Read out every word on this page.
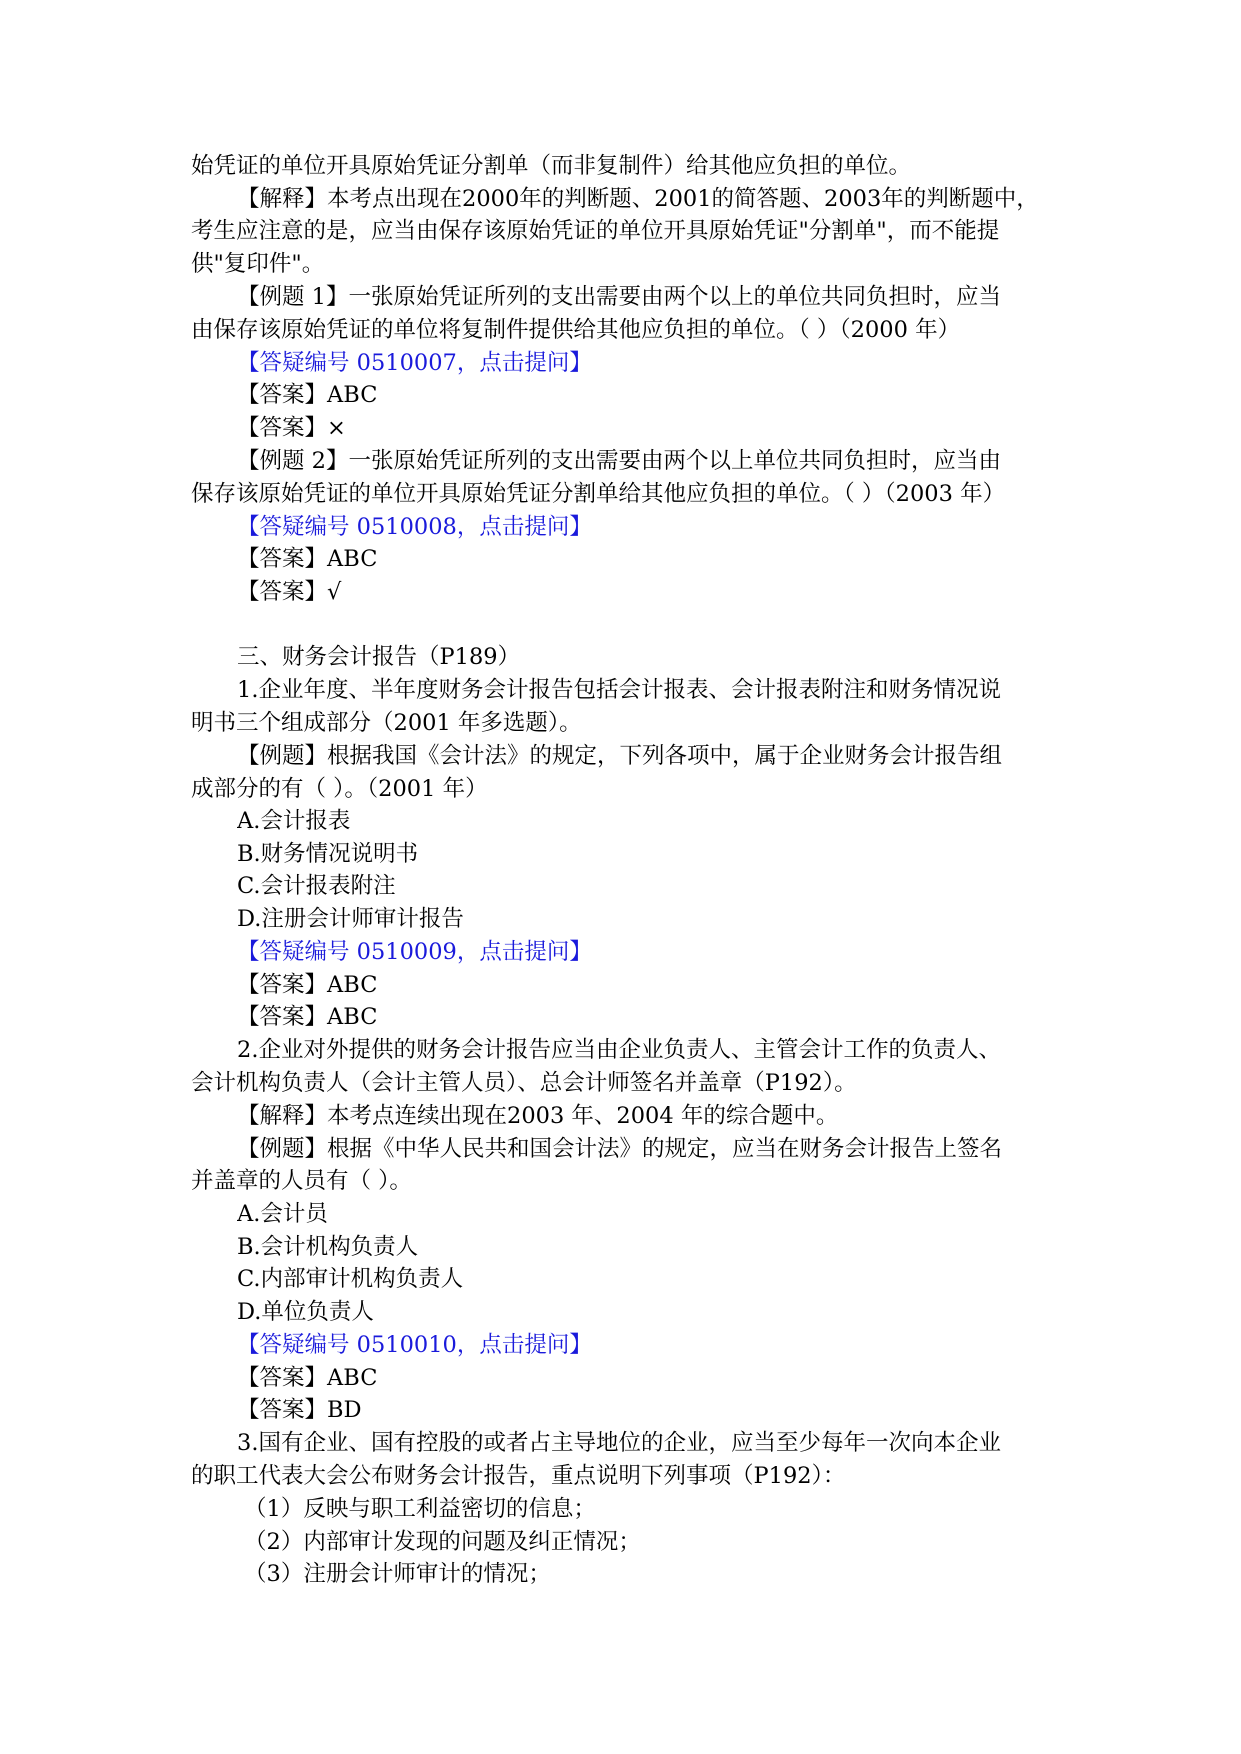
始凭证的单位开具原始凭证分割单（而非复制件）给其他应负担的单位。
【解释】本考点出现在2000年的判断题、2001的简答题、2003年的判断题中，
考生应注意的是，应当由保存该原始凭证的单位开具原始凭证"分割单"，而不能提
供"复印件"。
【例题 1】一张原始凭证所列的支出需要由两个以上的单位共同负担时，应当
由保存该原始凭证的单位将复制件提供给其他应负担的单位。（ ）（2000 年）
【答疑编号 0510007，点击提问】
【答案】ABC
【答案】×
【例题 2】一张原始凭证所列的支出需要由两个以上单位共同负担时，应当由
保存该原始凭证的单位开具原始凭证分割单给其他应负担的单位。（ ）（2003 年）
【答疑编号 0510008，点击提问】
【答案】ABC
【答案】√
三、财务会计报告（P189）
1.企业年度、半年度财务会计报告包括会计报表、会计报表附注和财务情况说
明书三个组成部分（2001 年多选题）。
【例题】根据我国《会计法》的规定，下列各项中，属于企业财务会计报告组
成部分的有（ ）。（2001 年）
A.会计报表
B.财务情况说明书
C.会计报表附注
D.注册会计师审计报告
【答疑编号 0510009，点击提问】
【答案】ABC
【答案】ABC
2.企业对外提供的财务会计报告应当由企业负责人、主管会计工作的负责人、
会计机构负责人（会计主管人员）、总会计师签名并盖章（P192）。
【解释】本考点连续出现在2003 年、2004 年的综合题中。
【例题】根据《中华人民共和国会计法》的规定，应当在财务会计报告上签名
并盖章的人员有（ ）。
A.会计员
B.会计机构负责人
C.内部审计机构负责人
D.单位负责人
【答疑编号 0510010，点击提问】
【答案】ABC
【答案】BD
3.国有企业、国有控股的或者占主导地位的企业，应当至少每年一次向本企业
的职工代表大会公布财务会计报告，重点说明下列事项（P192）：
（1）反映与职工利益密切的信息；
（2）内部审计发现的问题及纠正情况；
（3）注册会计师审计的情况；
